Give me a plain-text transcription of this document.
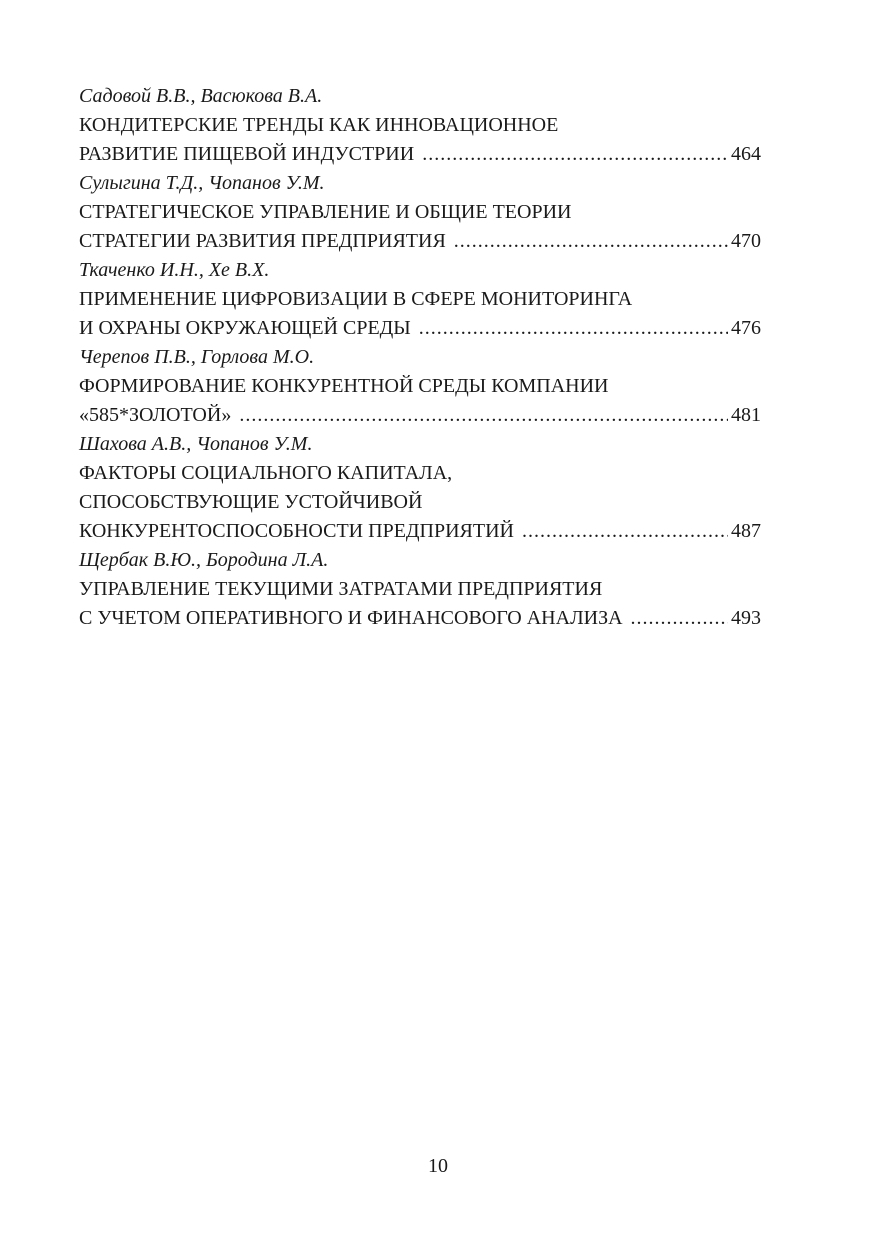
Садовой В.В., Васюкова В.А.
КОНДИТЕРСКИЕ ТРЕНДЫ КАК ИННОВАЦИОННОЕ
РАЗВИТИЕ ПИЩЕВОЙ ИНДУСТРИИ .....	464
Сулыгина Т.Д., Чопанов У.М.
СТРАТЕГИЧЕСКОЕ УПРАВЛЕНИЕ И ОБЩИЕ ТЕОРИИ
СТРАТЕГИИ РАЗВИТИЯ ПРЕДПРИЯТИЯ .....	470
Ткаченко И.Н., Хе В.Х.
ПРИМЕНЕНИЕ ЦИФРОВИЗАЦИИ В СФЕРЕ МОНИТОРИНГА
И ОХРАНЫ ОКРУЖАЮЩЕЙ СРЕДЫ .....	476
Черепов П.В., Горлова М.О.
ФОРМИРОВАНИЕ КОНКУРЕНТНОЙ СРЕДЫ КОМПАНИИ
«585*ЗОЛОТОЙ» .....	481
Шахова А.В., Чопанов У.М.
ФАКТОРЫ СОЦИАЛЬНОГО КАПИТАЛА,
СПОСОБСТВУЮЩИЕ УСТОЙЧИВОЙ
КОНКУРЕНТОСПОСОБНОСТИ ПРЕДПРИЯТИЙ .....	487
Щербак В.Ю., Бородина Л.А.
УПРАВЛЕНИЕ ТЕКУЩИМИ ЗАТРАТАМИ ПРЕДПРИЯТИЯ
С УЧЕТОМ ОПЕРАТИВНОГО И ФИНАНСОВОГО АНАЛИЗА .....	493
10
